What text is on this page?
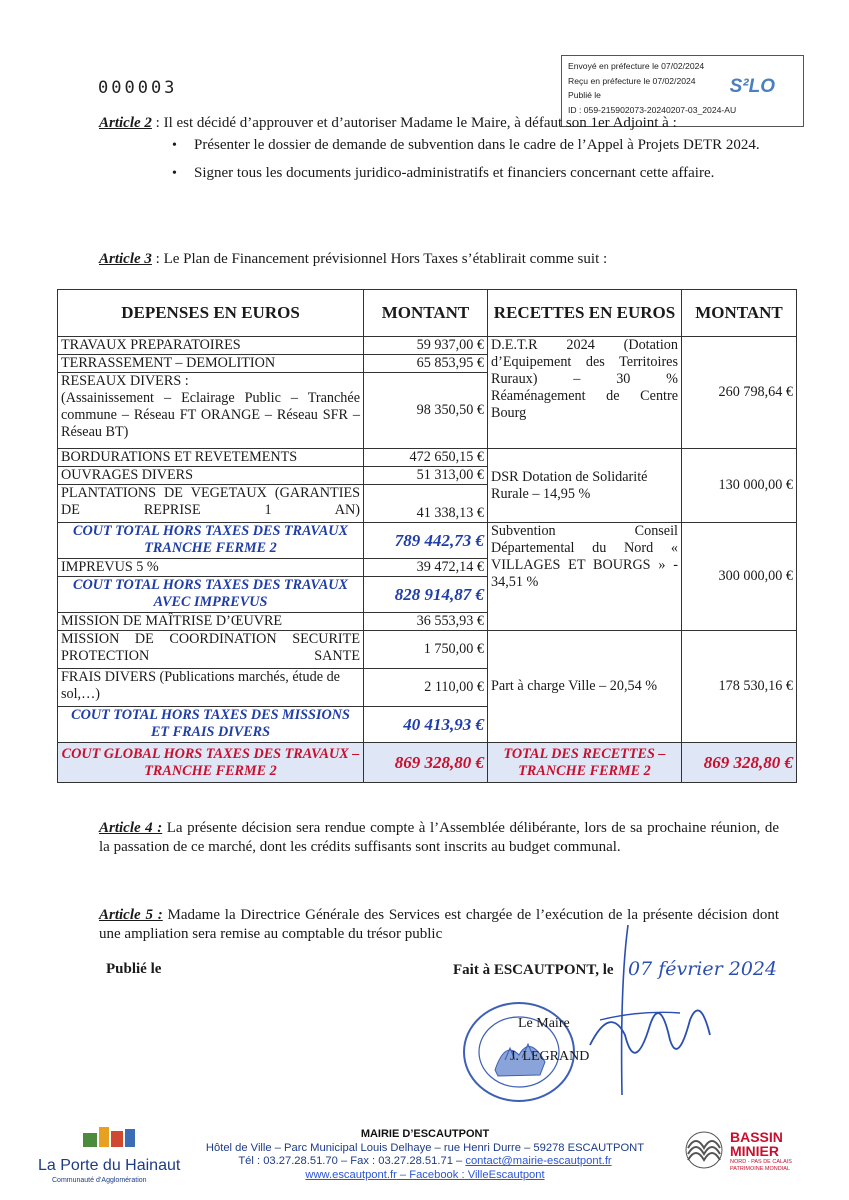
000003
Envoyé en préfecture le 07/02/2024
Reçu en préfecture le 07/02/2024
Publié le
ID : 059-215902073-20240207-03_2024-AU
S²LO
Article 2 : Il est décidé d’approuver et d’autoriser Madame le Maire, à défaut son 1er Adjoint à :
• Présenter le dossier de demande de subvention dans le cadre de l’Appel à Projets DETR 2024.
• Signer tous les documents juridico-administratifs et financiers concernant cette affaire.
Article 3 : Le Plan de Financement prévisionnel Hors Taxes s’établirait comme suit :
DEPENSES EN EUROS	MONTANT	RECETTES EN EUROS	MONTANT
TRAVAUX PREPARATOIRES	59 937,00 €	D.E.T.R 2024 (Dotation d’Equipement des Territoires Ruraux) – 30 % Réaménagement de Centre Bourg	260 798,64 €
TERRASSEMENT – DEMOLITION	65 853,95 €		

RESEAUX DIVERS :
(Assainissement – Eclairage Public – Tranchée commune – Réseau FT ORANGE – Réseau SFR – Réseau BT)	98 350,50 €		
BORDURATIONS ET REVETEMENTS	472 650,15 €	DSR Dotation de Solidarité Rurale – 14,95 %	130 000,00 €
OUVRAGES DIVERS	51 313,00 €		
PLANTATIONS DE VEGETAUX (GARANTIES DE REPRISE 1 AN)	41 338,13 €		
COUT TOTAL HORS TAXES DES TRAVAUX TRANCHE FERME 2	789 442,73 €	Subvention Conseil Départemental du Nord « VILLAGES ET BOURGS » - 34,51 %	300 000,00 €
IMPREVUS 5 %	39 472,14 €		
COUT TOTAL HORS TAXES DES TRAVAUX AVEC IMPREVUS	828 914,87 €		
MISSION DE MAÎTRISE D’ŒUVRE	36 553,93 €		
MISSION DE COORDINATION SECURITE PROTECTION SANTE	1 750,00 €	Part à charge Ville – 20,54 %	178 530,16 €
FRAIS DIVERS (Publications marchés, étude de sol,…)	2 110,00 €		
COUT TOTAL HORS TAXES DES MISSIONS ET FRAIS DIVERS	40 413,93 €		
COUT GLOBAL HORS TAXES DES TRAVAUX – TRANCHE FERME 2	869 328,80 €	TOTAL DES RECETTES – TRANCHE FERME 2	869 328,80 €
Article 4 : La présente décision sera rendue compte à l’Assemblée délibérante, lors de sa prochaine réunion, de la passation de ce marché, dont les crédits suffisants sont inscrits au budget communal.
Article 5 : Madame la Directrice Générale des Services est chargée de l’exécution de la présente décision dont une ampliation sera remise au comptable du trésor public
Publié le	Fait à ESCAUTPONT, le 07 février 2024
Le Maire
J. LEGRAND
La Porte du Hainaut
Communauté d’Agglomération
MAIRIE D’ESCAUTPONT
Hôtel de Ville – Parc Municipal Louis Delhaye – rue Henri Durre – 59278 ESCAUTPONT
Tél : 03.27.28.51.70 – Fax : 03.27.28.51.71 – contact@mairie-escautpont.fr
www.escautpont.fr – Facebook : VilleEscautpont
BASSIN MINIER
NORD - PAS DE CALAIS PATRIMOINE MONDIAL
